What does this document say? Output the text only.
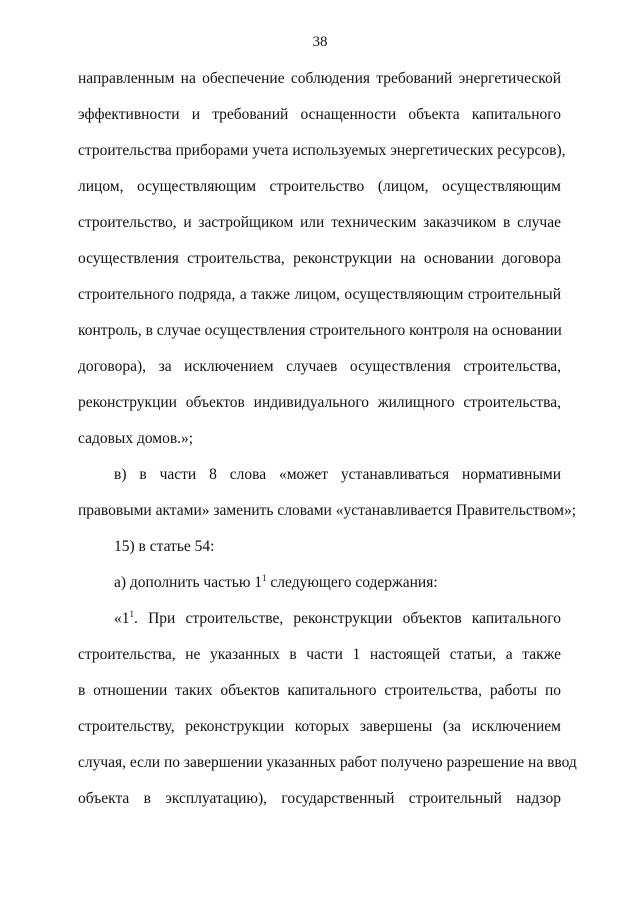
38
направленным на обеспечение соблюдения требований энергетической
эффективности и требований оснащенности объекта капитального
строительства приборами учета используемых энергетических ресурсов),
лицом, осуществляющим строительство (лицом, осуществляющим
строительство, и застройщиком или техническим заказчиком в случае
осуществления строительства, реконструкции на основании договора
строительного подряда, а также лицом, осуществляющим строительный
контроль, в случае осуществления строительного контроля на основании
договора), за исключением случаев осуществления строительства,
реконструкции объектов индивидуального жилищного строительства,
садовых домов.»;
в) в части 8 слова «может устанавливаться нормативными
правовыми актами» заменить словами «устанавливается Правительством»;
15) в статье 54:
а) дополнить частью $1^1$ следующего содержания:
«$1^1$. При строительстве, реконструкции объектов капитального
строительства, не указанных в части 1 настоящей статьи, а также
в отношении таких объектов капитального строительства, работы по
строительству, реконструкции которых завершены (за исключением
случая, если по завершении указанных работ получено разрешение на ввод
объекта в эксплуатацию), государственный строительный надзор
